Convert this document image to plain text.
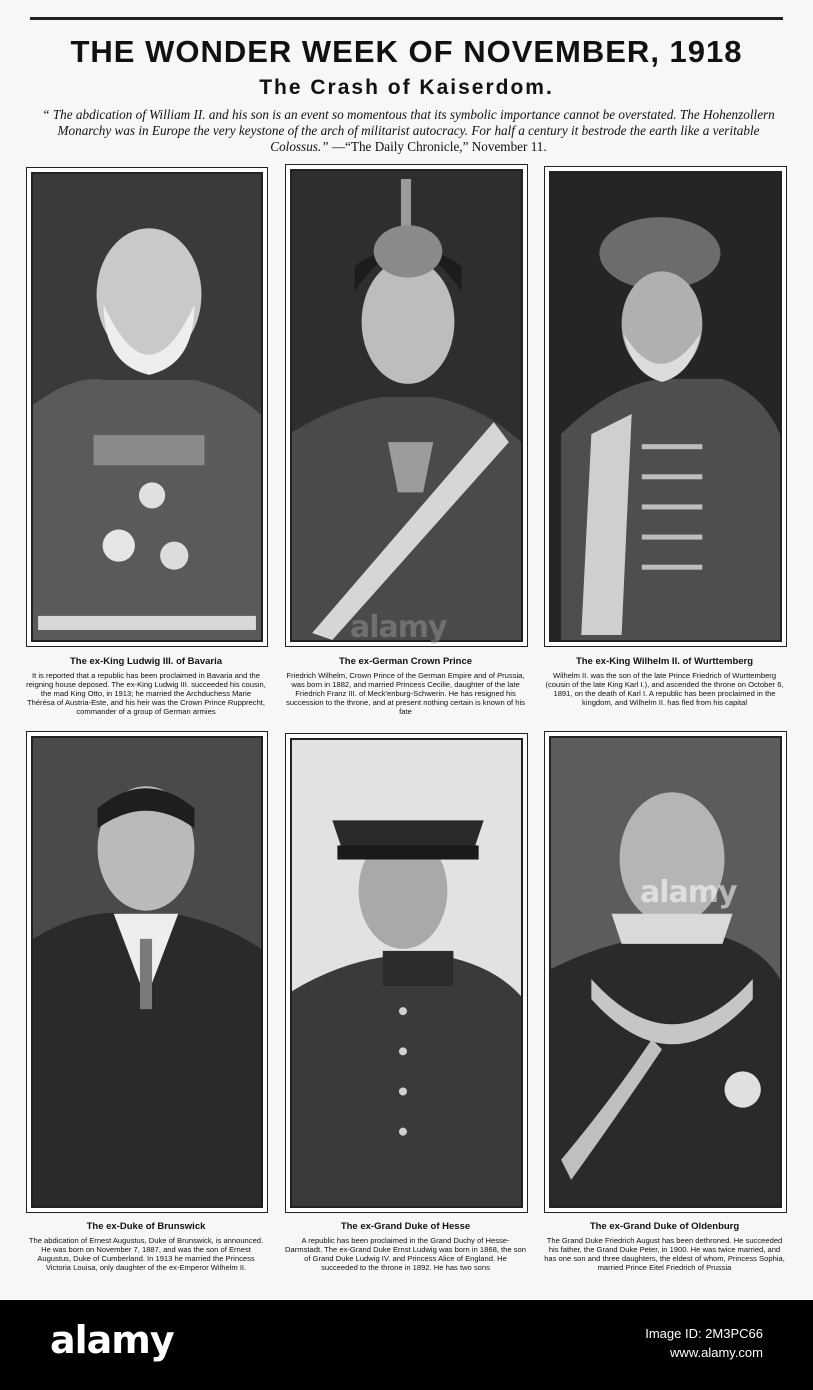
THE WONDER WEEK OF NOVEMBER, 1918
The Crash of Kaiserdom.
“ The abdication of William II. and his son is an event so momentous that its symbolic importance cannot be overstated. The Hohenzollern Monarchy was in Europe the very keystone of the arch of militarist autocracy. For half a century it bestrode the earth like a veritable Colossus.” —“The Daily Chronicle,” November 11.
The ex-King Ludwig III. of Bavaria
It is reported that a republic has been proclaimed in Bavaria and the reigning house deposed. The ex-King Ludwig III. succeeded his cousin, the mad King Otto, in 1913; he married the Archduchess Marie Thérèsa of Austria-Este, and his heir was the Crown Prince Rupprecht, commander of a group of German armies
The ex-German Crown Prince
Friedrich Wilhelm, Crown Prince of the German Empire and of Prussia, was born in 1882, and married Princess Cecilie, daughter of the late Friedrich Franz III. of Meck'enburg-Schwerin. He has resigned his succession to the throne, and at present nothing certain is known of his fate
The ex-King Wilhelm II. of Wurttemberg
Wilhelm II. was the son of the late Prince Friedrich of Wurttemberg (cousin of the late King Karl I.), and ascended the throne on October 6, 1891, on the death of Karl I. A republic has been proclaimed in the kingdom, and Wilhelm II. has fled from his capital
The ex-Duke of Brunswick
The abdication of Ernest Augustus, Duke of Brunswick, is announced. He was born on November 7, 1887, and was the son of Ernest Augustus, Duke of Cumberland. In 1913 he married the Princess Victoria Louisa, only daughter of the ex-Emperor Wilhelm II.
The ex-Grand Duke of Hesse
A republic has been proclaimed in the Grand Duchy of Hesse-Darmstadt. The ex-Grand Duke Ernst Ludwig was born in 1868, the son of Grand Duke Ludwig IV. and Princess Alice of England. He succeeded to the throne in 1892. He has two sons
The ex-Grand Duke of Oldenburg
The Grand Duke Friedrich August has been dethroned. He succeeded his father, the Grand Duke Peter, in 1900. He was twice married, and has one son and three daughters, the eldest of whom, Princess Sophia, married Prince Eitel Friedrich of Prussia
alamy
alamy
alamy	Image ID: 2M3PC66
www.alamy.com
